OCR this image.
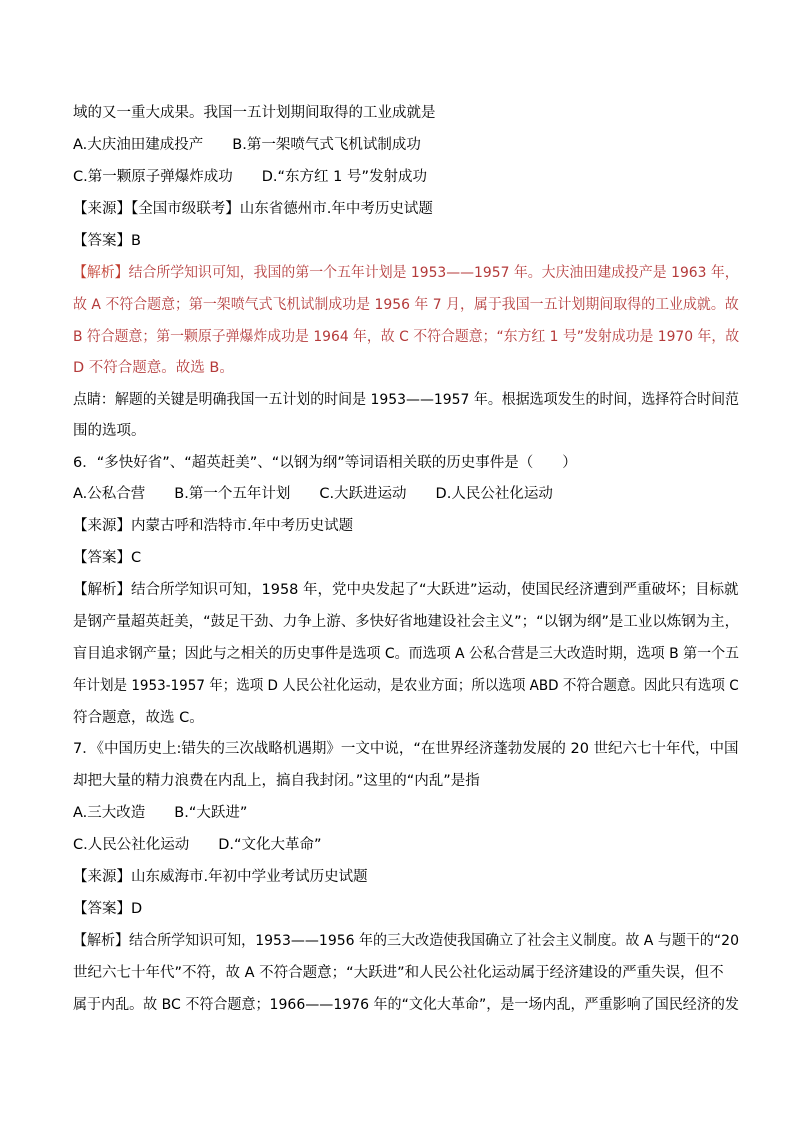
域的又一重大成果。我国一五计划期间取得的工业成就是
A.大庆油田建成投产　　B.第一架喷气式飞机试制成功
C.第一颗原子弹爆炸成功　　D.“东方红 1 号”发射成功
【来源】【全国市级联考】山东省德州市.年中考历史试题
【答案】B
【解析】结合所学知识可知，我国的第一个五年计划是 1953——1957 年。大庆油田建成投产是 1963 年，
故 A 不符合题意；第一架喷气式飞机试制成功是 1956 年 7 月，属于我国一五计划期间取得的工业成就。故
B 符合题意；第一颗原子弹爆炸成功是 1964 年，故 C 不符合题意；“东方红 1 号”发射成功是 1970 年，故
D 不符合题意。故选 B。
点睛：解题的关键是明确我国一五计划的时间是 1953——1957 年。根据选项发生的时间，选择符合时间范
围的选项。
6．“多快好省”、“超英赶美”、“以钢为纲”等词语相关联的历史事件是（　　）
A.公私合营　　B.第一个五年计划　　C.大跃进运动　　D.人民公社化运动
【来源】内蒙古呼和浩特市.年中考历史试题
【答案】C
【解析】结合所学知识可知，1958 年，党中央发起了“大跃进”运动，使国民经济遭到严重破坏；目标就
是钢产量超英赶美，“鼓足干劲、力争上游、多快好省地建设社会主义”；“以钢为纲”是工业以炼钢为主，
盲目追求钢产量；因此与之相关的历史事件是选项 C。而选项 A 公私合营是三大改造时期，选项 B 第一个五
年计划是 1953-1957 年；选项 D 人民公社化运动，是农业方面；所以选项 ABD 不符合题意。因此只有选项 C
符合题意，故选 C。
7．《中国历史上:错失的三次战略机遇期》一文中说，“在世界经济蓬勃发展的 20 世纪六七十年代，中国
却把大量的精力浪费在内乱上，搞自我封闭。”这里的“内乱”是指
A.三大改造　　B.“大跃进”
C.人民公社化运动　　D.“文化大革命”
【来源】山东威海市.年初中学业考试历史试题
【答案】D
【解析】结合所学知识可知，1953——1956 年的三大改造使我国确立了社会主义制度。故 A 与题干的“20
世纪六七十年代”不符，故 A 不符合题意；“大跃进”和人民公社化运动属于经济建设的严重失误，但不
属于内乱。故 BC 不符合题意；1966——1976 年的“文化大革命”，是一场内乱，严重影响了国民经济的发
